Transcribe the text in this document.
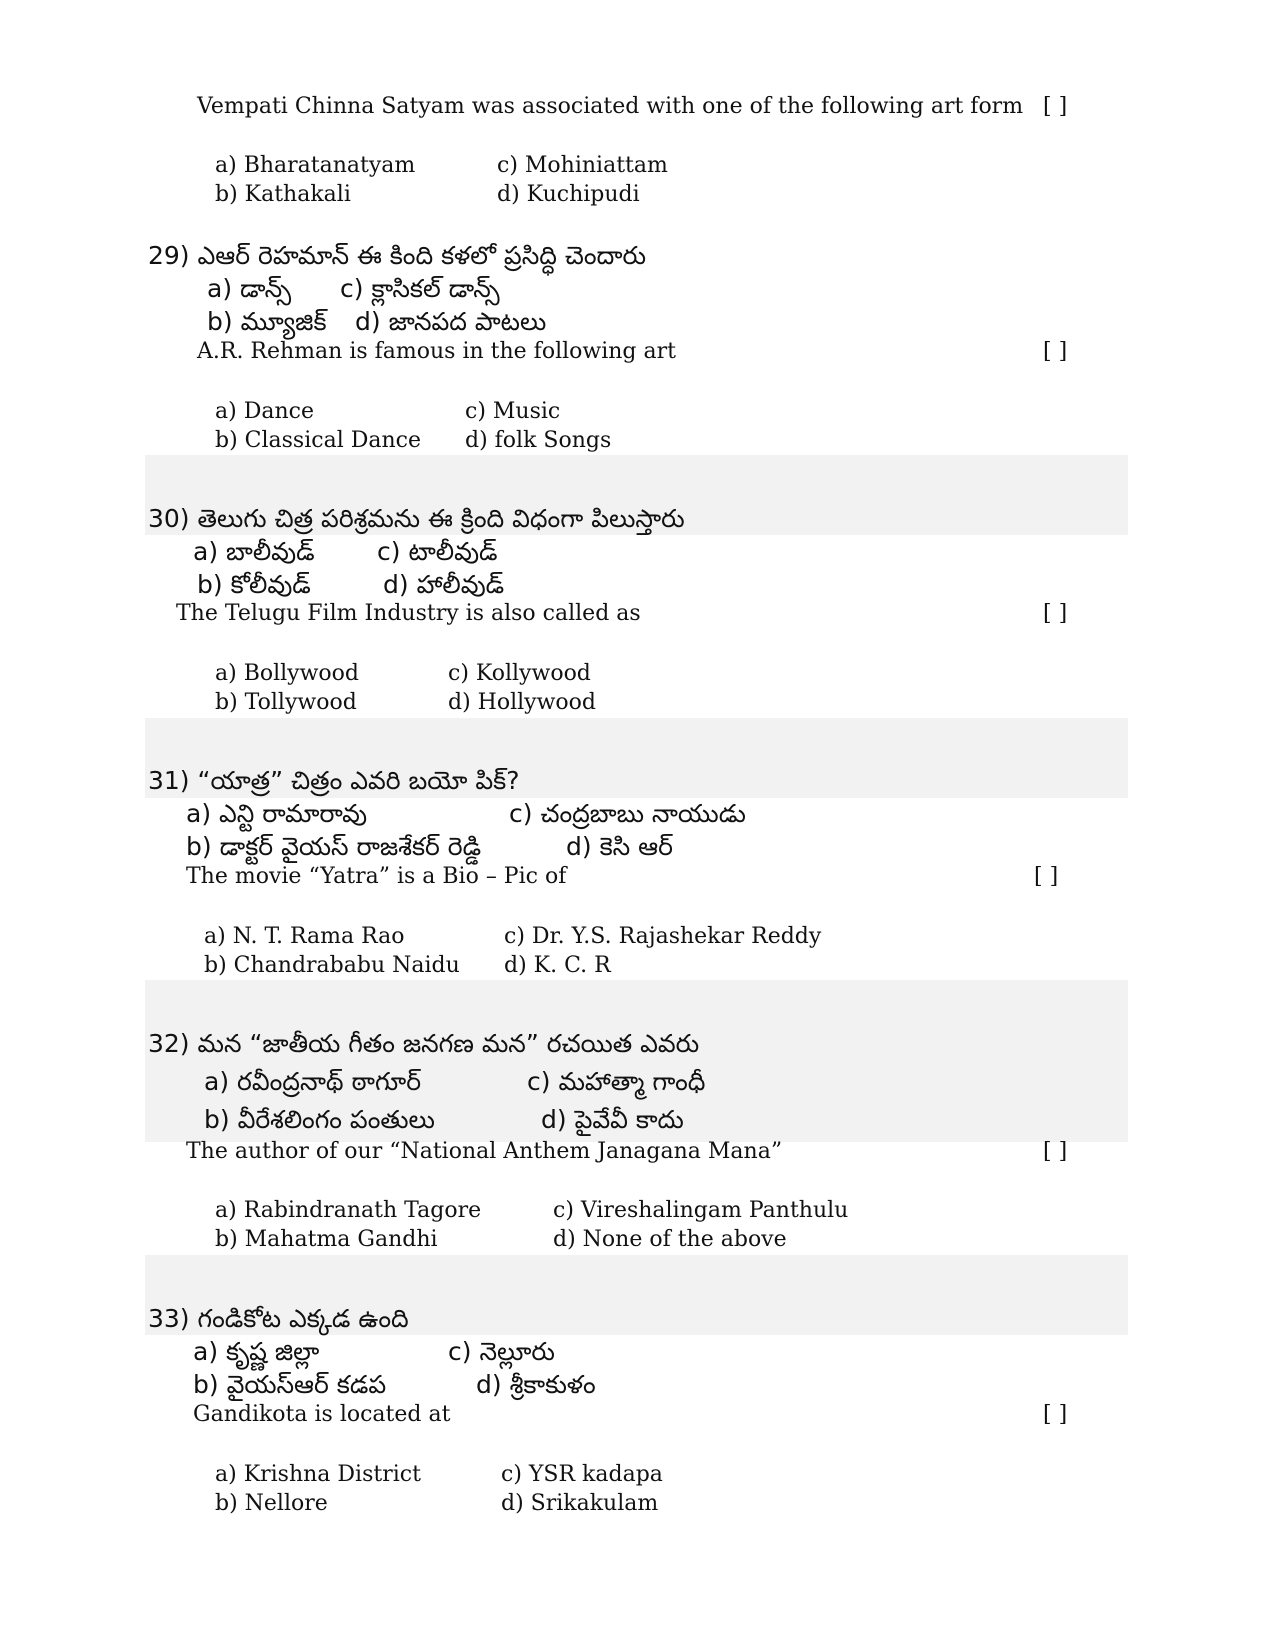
Vempati Chinna Satyam was associated with one of the following art form [ ]
a) Bharatanatyam	c) Mohiniattam
b) Kathakali	d) Kuchipudi
29) ఎఆర్ రెహమాన్ ఈ కింది కళలో ప్రసిద్ధి చెందారు
a) డాన్స్ c) క్లాసికల్ డాన్స్
b) మ్యూజిక్ d) జానపద పాటలు
A.R. Rehman is famous in the following art	[ ]
a) Dance	c) Music
b) Classical Dance d) folk Songs
30) తెలుగు చిత్ర పరిశ్రమను ఈ క్రింది విధంగా పిలుస్తారు
a) బాలీవుడ్ c) టాలీవుడ్
b) కోలీవుడ్	d) హాలీవుడ్
The Telugu Film Industry is also called as	[ ]
a) Bollywood	c) Kollywood
b) Tollywood	d) Hollywood
31) “యాత్ర” చిత్రం ఎవరి బయో పిక్?
a) ఎన్టి రామారావు	c) చంద్రబాబు నాయుడు
b) డాక్టర్ వైయస్ రాజశేకర్ రెడ్డి	d) కెసి ఆర్
The movie “Yatra” is a Bio – Pic of	[ ]
a) N. T. Rama Rao	c) Dr. Y.S. Rajashekar Reddy
b) Chandrababu Naidu d) K. C. R
32) మన “జాతీయ గీతం జనగణ మన” రచయిత ఎవరు
a) రవీంద్రనాథ్ ఠాగూర్	c) మహాత్మా గాంధీ
b) వీరేశలింగం పంతులు	d) పైవేవీ కాదు
The author of our “National Anthem Janagana Mana”	[ ]
a) Rabindranath Tagore	c) Vireshalingam Panthulu
b) Mahatma Gandhi	d) None of the above
33) గండికోట ఎక్కడ ఉంది
a) కృష్ణ జిల్లా	c) నెల్లూరు
b) వైయస్ఆర్ కడప	d) శ్రీకాకుళం
Gandikota is located at	[ ]
a) Krishna District	c) YSR kadapa
b) Nellore	d) Srikakulam
